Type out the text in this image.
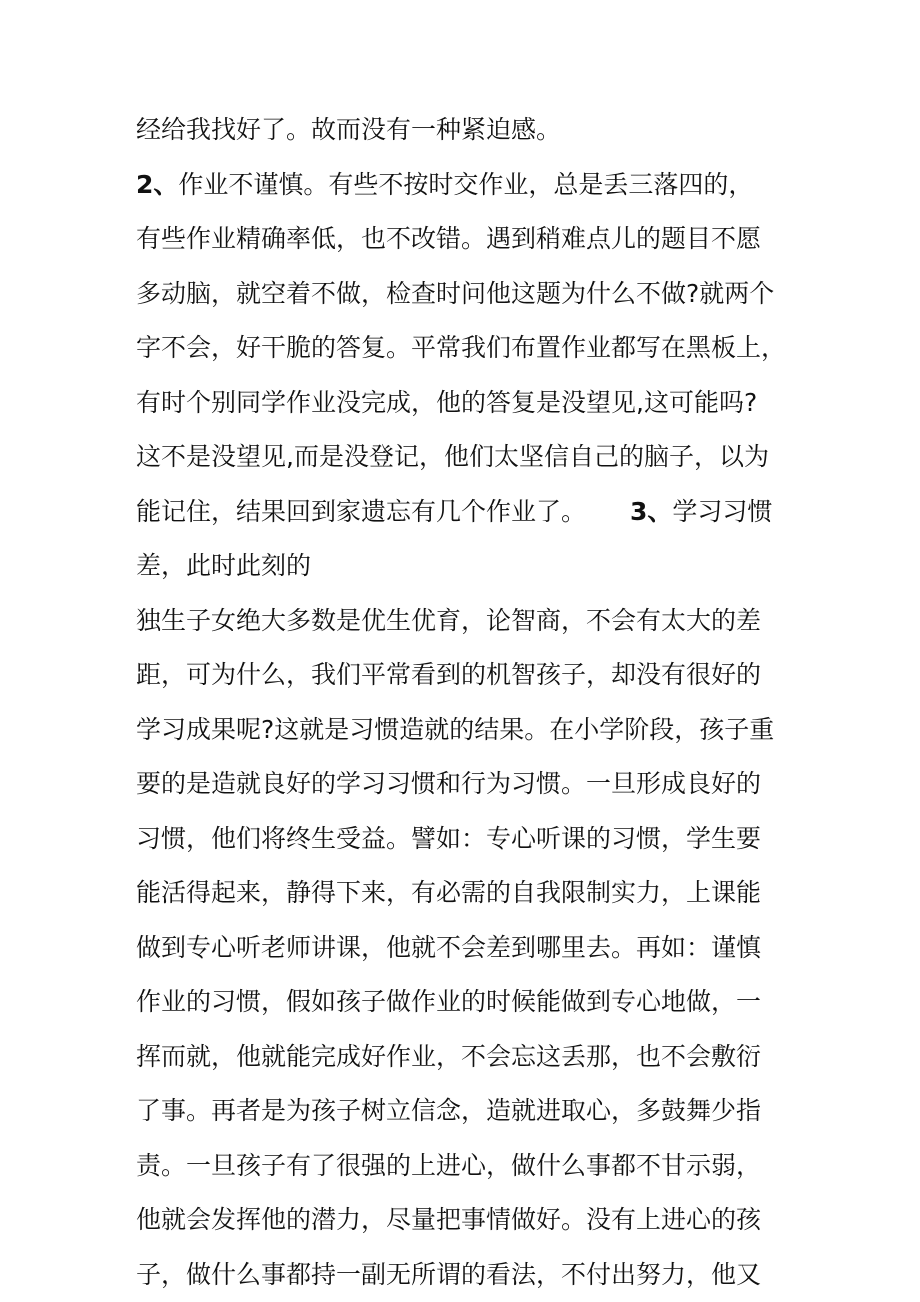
经给我找好了。故而没有一种紧迫感。
2、作业不谨慎。有些不按时交作业，总是丢三落四的，
有些作业精确率低，也不改错。遇到稍难点儿的题目不愿
多动脑，就空着不做，检查时问他这题为什么不做?就两个
字不会，好干脆的答复。平常我们布置作业都写在黑板上，
有时个别同学作业没完成，他的答复是没望见,这可能吗?
这不是没望见,而是没登记，他们太坚信自己的脑子，以为
能记住，结果回到家遗忘有几个作业了。 3、学习习惯
差，此时此刻的
独生子女绝大多数是优生优育，论智商，不会有太大的差
距，可为什么，我们平常看到的机智孩子，却没有很好的
学习成果呢?这就是习惯造就的结果。在小学阶段，孩子重
要的是造就良好的学习习惯和行为习惯。一旦形成良好的
习惯，他们将终生受益。譬如：专心听课的习惯，学生要
能活得起来，静得下来，有必需的自我限制实力，上课能
做到专心听老师讲课，他就不会差到哪里去。再如：谨慎
作业的习惯，假如孩子做作业的时候能做到专心地做，一
挥而就，他就能完成好作业，不会忘这丢那，也不会敷衍
了事。再者是为孩子树立信念，造就进取心，多鼓舞少指
责。一旦孩子有了很强的上进心，做什么事都不甘示弱，
他就会发挥他的潜力，尽量把事情做好。没有上进心的孩
子，做什么事都持一副无所谓的看法，不付出努力，他又
